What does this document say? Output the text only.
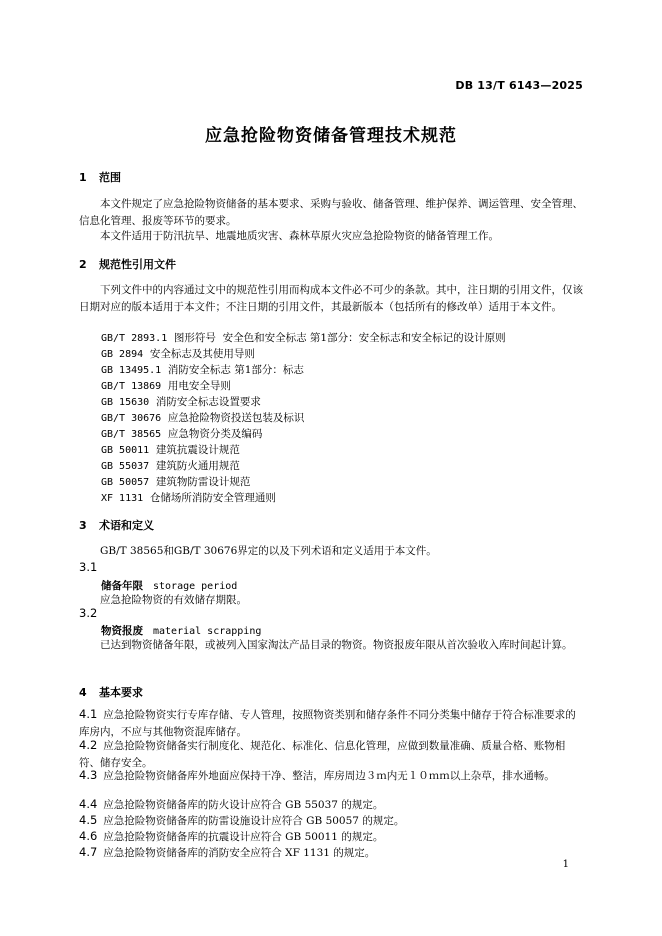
DB 13/T 6143—2025
应急抢险物资储备管理技术规范
1 范围
本文件规定了应急抢险物资储备的基本要求、采购与验收、储备管理、维护保养、调运管理、安全管理、信息化管理、报废等环节的要求。
本文件适用于防汛抗旱、地震地质灾害、森林草原火灾应急抢险物资的储备管理工作。
2 规范性引用文件
下列文件中的内容通过文中的规范性引用而构成本文件必不可少的条款。其中，注日期的引用文件，仅该日期对应的版本适用于本文件；不注日期的引用文件，其最新版本（包括所有的修改单）适用于本文件。
GB/T 2893.1 图形符号  安全色和安全标志 第1部分：安全标志和安全标记的设计原则
GB 2894 安全标志及其使用导则
GB 13495.1 消防安全标志 第1部分：标志
GB/T 13869 用电安全导则
GB 15630 消防安全标志设置要求
GB/T 30676 应急抢险物资投送包装及标识
GB/T 38565 应急物资分类及编码
GB 50011 建筑抗震设计规范
GB 55037 建筑防火通用规范
GB 50057 建筑物防雷设计规范
XF 1131 仓储场所消防安全管理通则
3 术语和定义
GB/T 38565和GB/T 30676界定的以及下列术语和定义适用于本文件。
3.1
储备年限 storage period
应急抢险物资的有效储存期限。
3.2
物资报废 material scrapping
已达到物资储备年限，或被列入国家淘汰产品目录的物资。物资报废年限从首次验收入库时间起计算。
4 基本要求
4.1 应急抢险物资实行专库存储、专人管理，按照物资类别和储存条件不同分类集中储存于符合标准要求的库房内，不应与其他物资混库储存。
4.2 应急抢险物资储备实行制度化、规范化、标准化、信息化管理，应做到数量准确、质量合格、账物相符、储存安全。
4.3 应急抢险物资储备库外地面应保持干净、整洁，库房周边３ｍ内无１０ｍｍ以上杂草，排水通畅。
4.4 应急抢险物资储备库的防火设计应符合 GB 55037 的规定。
4.5 应急抢险物资储备库的防雷设施设计应符合 GB 50057 的规定。
4.6 应急抢险物资储备库的抗震设计应符合 GB 50011 的规定。
4.7 应急抢险物资储备库的消防安全应符合 XF 1131 的规定。
1
